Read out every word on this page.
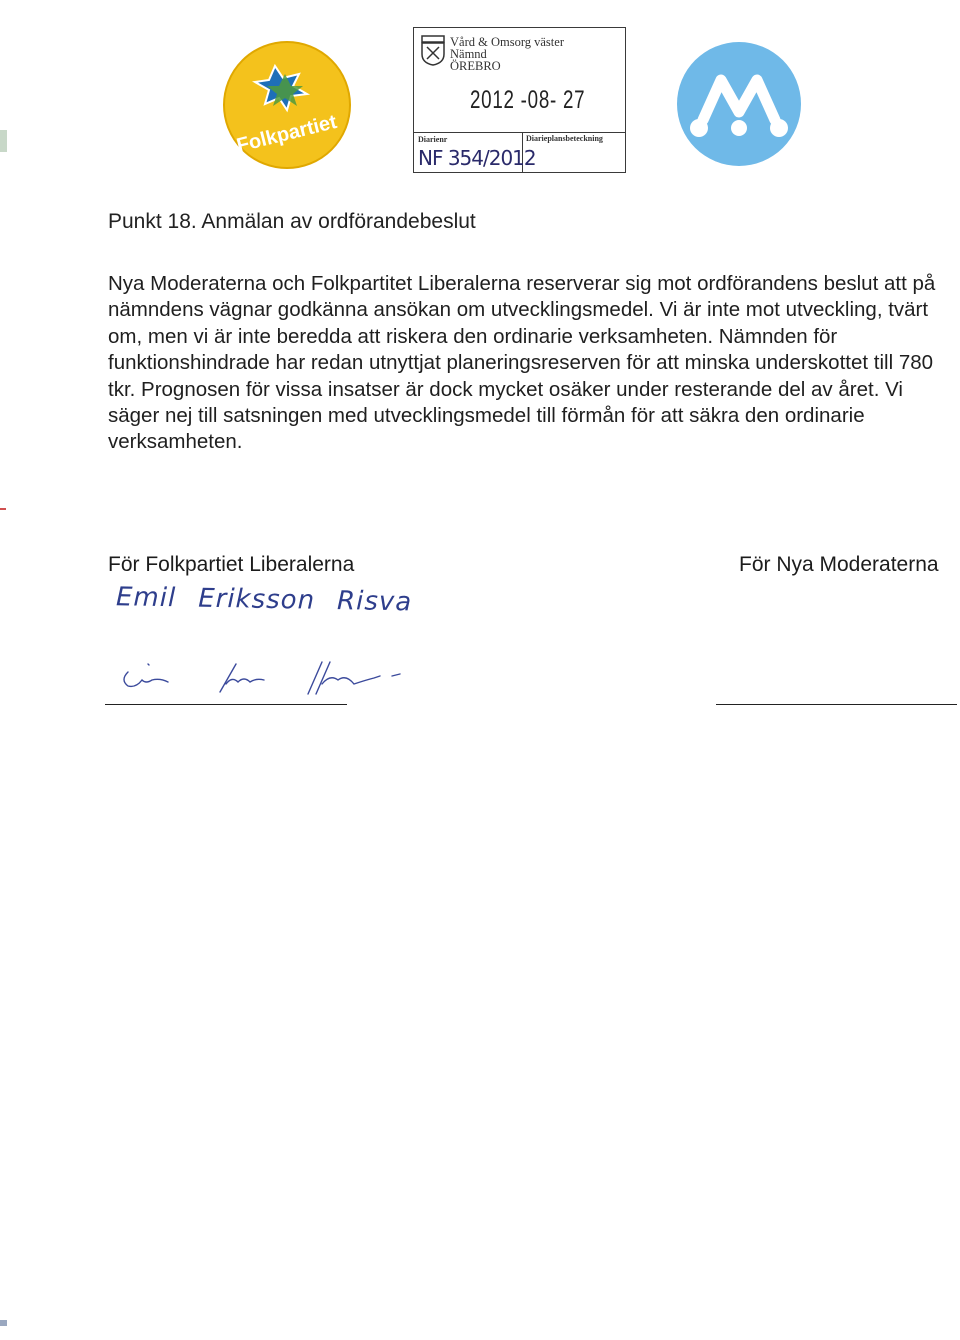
Folkpartiet
Vård & Omsorg väster
Nämnd
ÖREBRO
2012 -08- 27
Diarienr	Diarieplansbeteckning
NF 354/2012
Punkt 18. Anmälan av ordförandebeslut

Nya Moderaterna och Folkpartitet Liberalerna reserverar sig mot ordförandens beslut att på nämndens vägnar godkänna ansökan om utvecklingsmedel. Vi är inte mot utveckling, tvärt om, men vi är inte beredda att riskera den ordinarie verksamheten. Nämnden för funktionshindrade har redan utnyttjat planeringsreserven för att minska underskottet till 780 tkr. Prognosen för vissa insatser är dock mycket osäker under resterande del av året. Vi säger nej till satsningen med utvecklingsmedel till förmån för att säkra den ordinarie verksamheten.

För Folkpartiet Liberalerna	För Nya Moderaterna
Emil Eriksson Risva
